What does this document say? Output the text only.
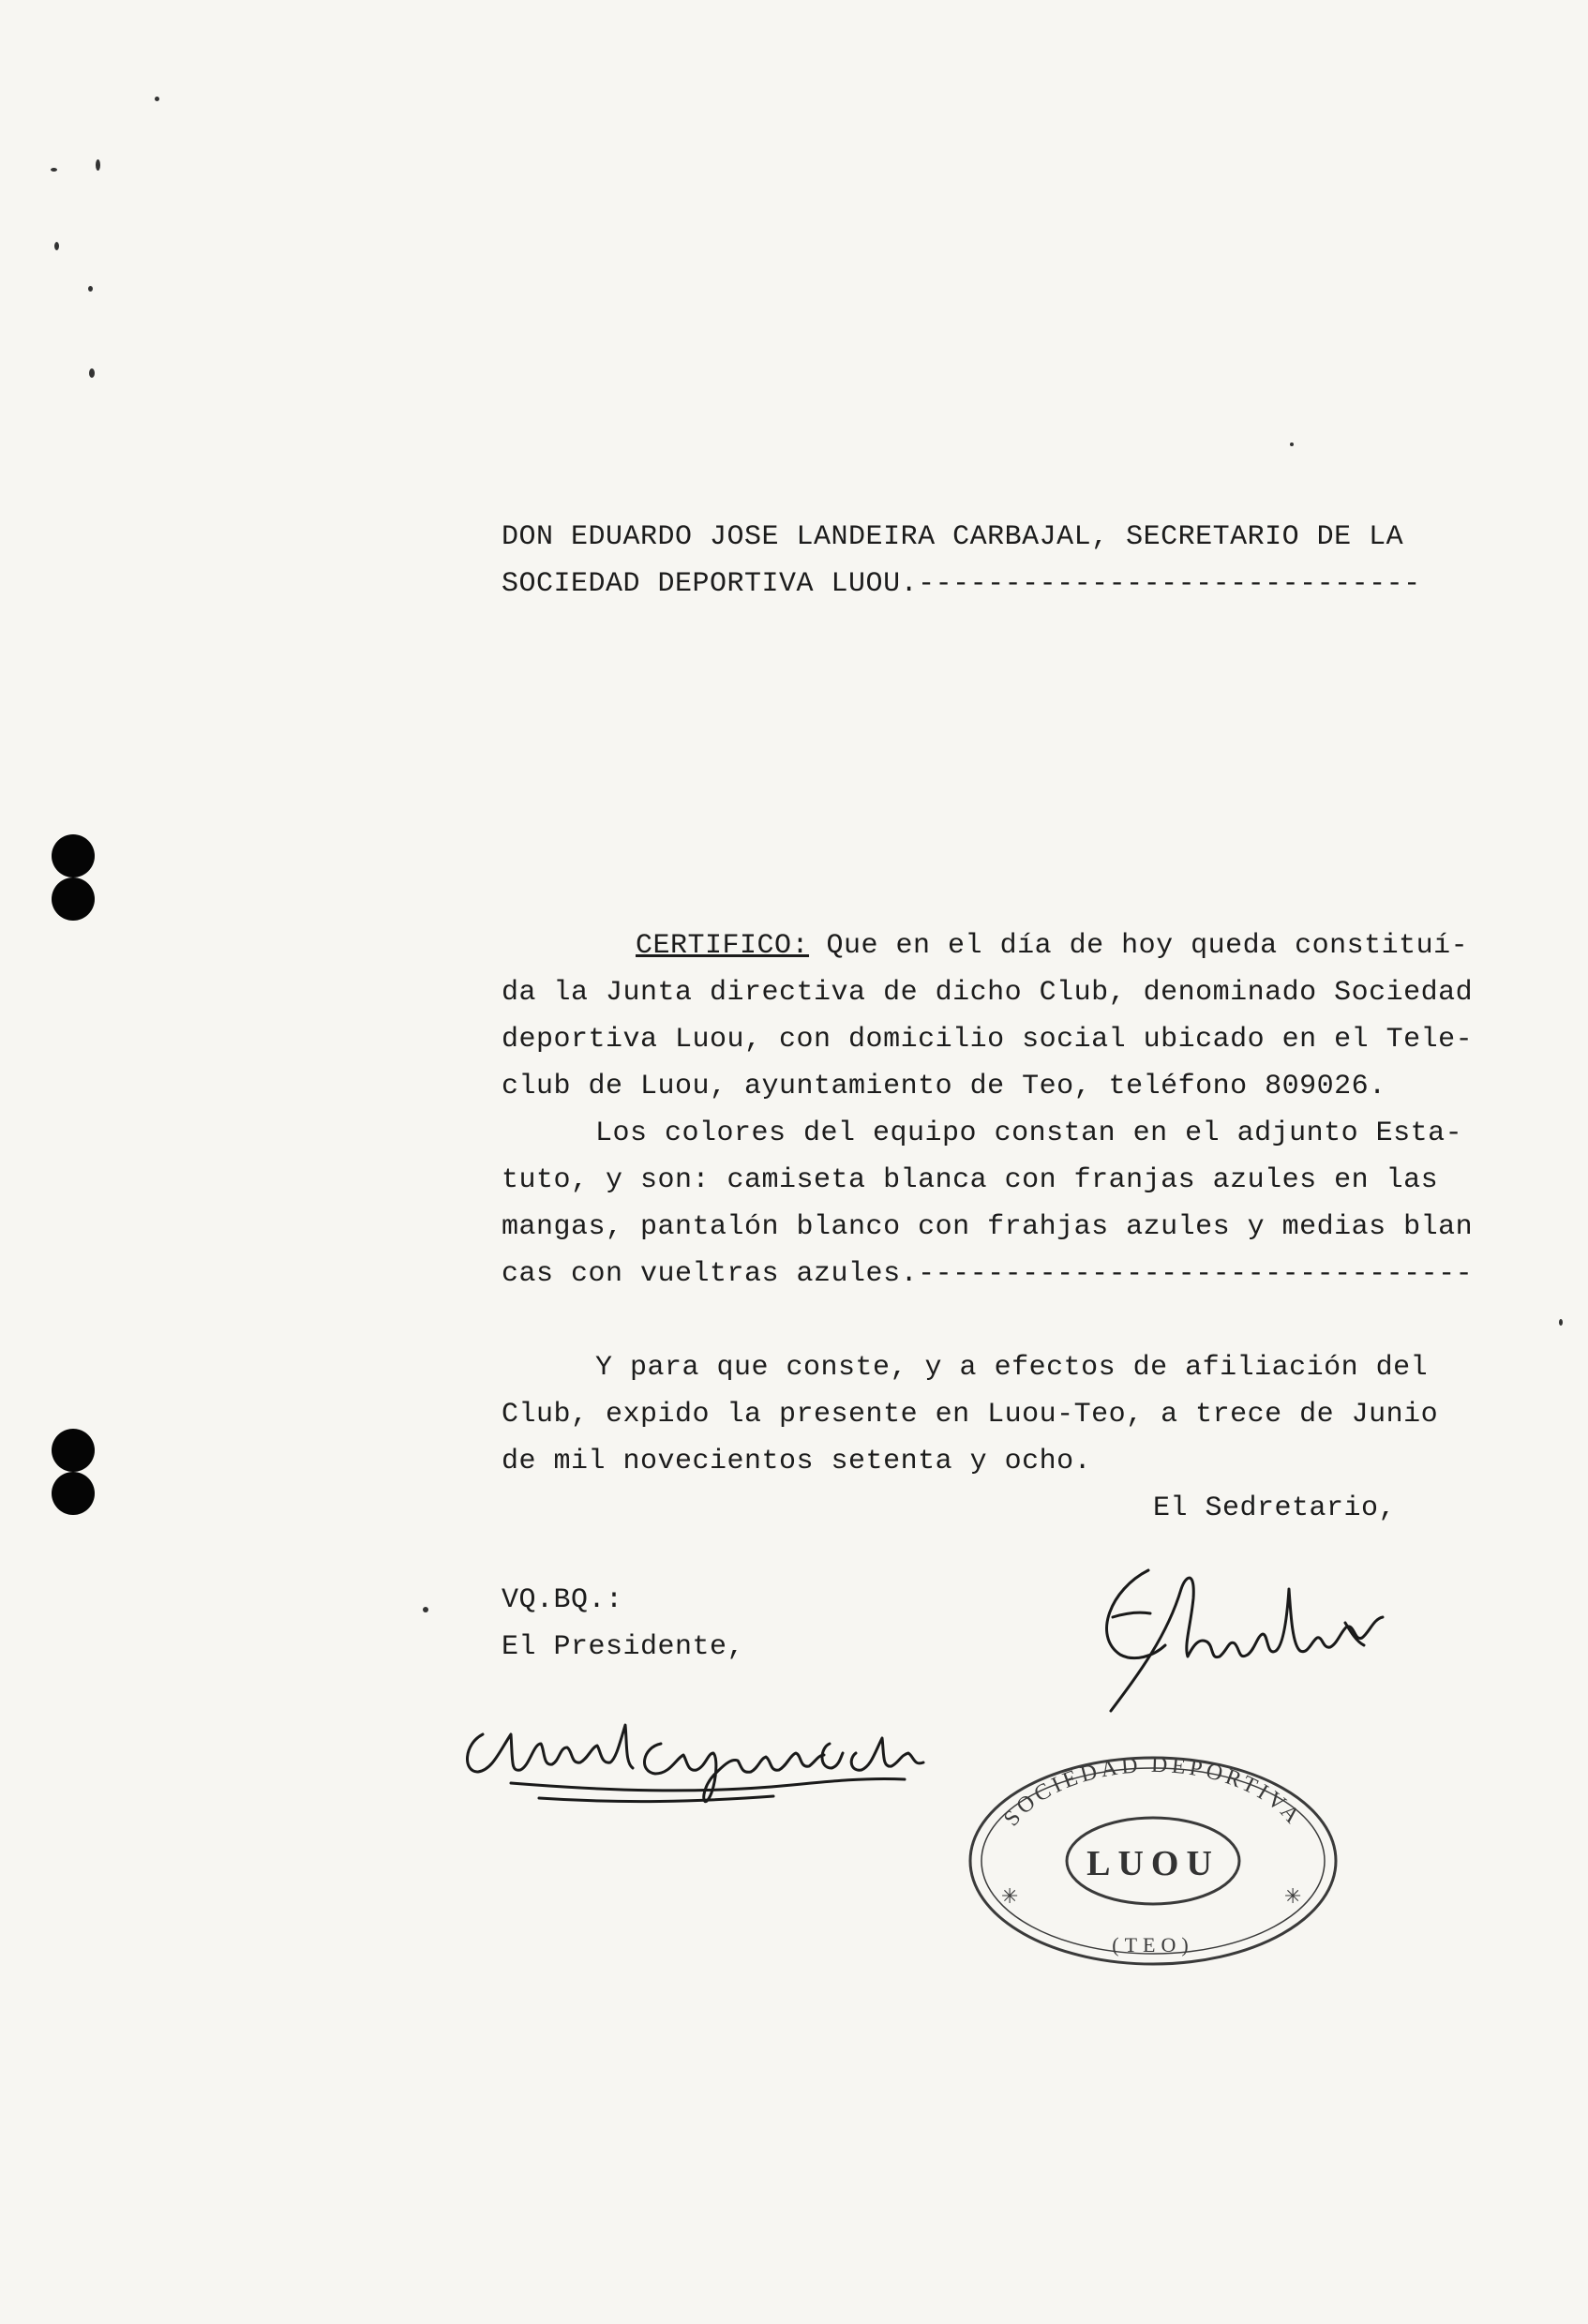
DON EDUARDO JOSE LANDEIRA CARBAJAL, SECRETARIO DE LA
SOCIEDAD DEPORTIVA LUOU.-----------------------------
CERTIFICO: Que en el día de hoy queda constituí-
da la Junta directiva de dicho Club, denominado Sociedad
deportiva Luou, con domicilio social ubicado en el Tele-
club de Luou, ayuntamiento de Teo, teléfono 809026.
Los colores del equipo constan en el adjunto Esta-
tuto, y son: camiseta blanca con franjas azules en las
mangas, pantalón blanco con frahjas azules y medias blan
cas con vueltras azules.--------------------------------
Y para que conste, y a efectos de afiliación del
Club, expido la presente en Luou-Teo, a trece de Junio
de mil novecientos setenta y ocho.
El Sedretario,
VQ.BQ.:
El Presidente,
SOCIEDAD DEPORTIVA
LUOU
(TEO)
✳	✳
